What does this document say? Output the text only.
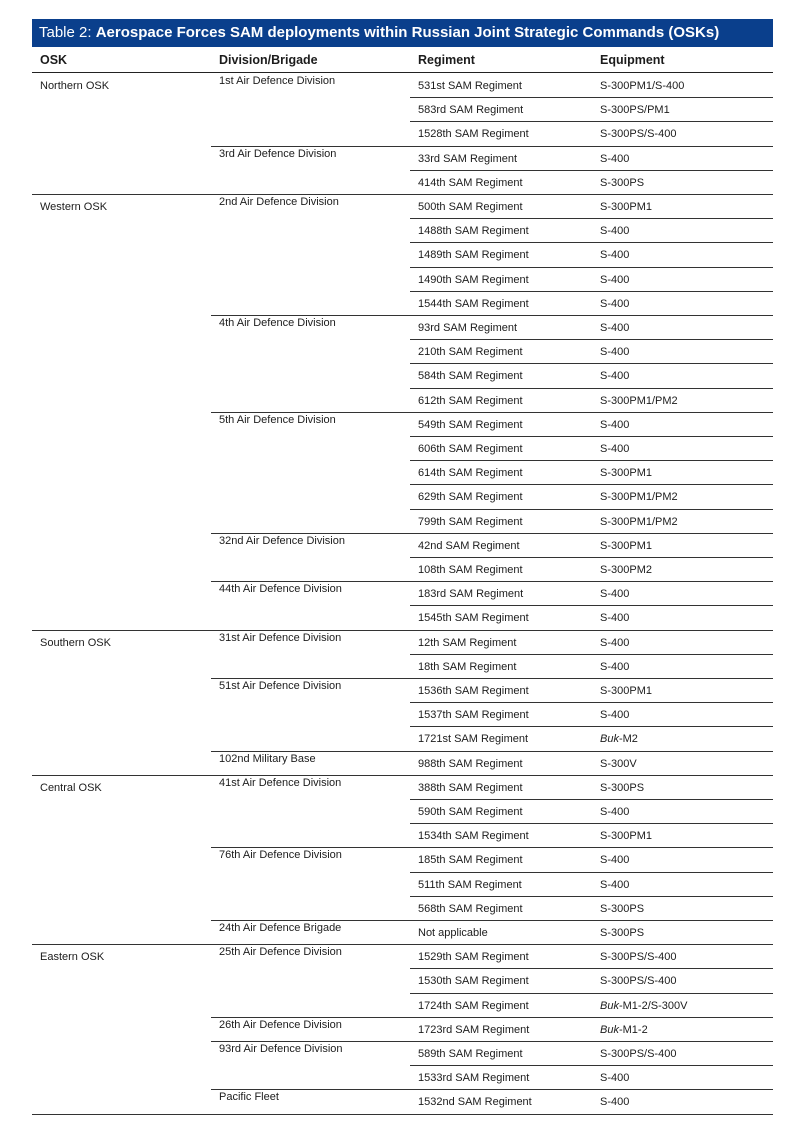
Table 2: Aerospace Forces SAM deployments within Russian Joint Strategic Commands (OSKs)
OSK	Division/Brigade	Regiment	Equipment
Northern OSK	1st Air Defence Division	531st SAM Regiment	S-300PM1/S-400
583rd SAM Regiment	S-300PS/PM1
1528th SAM Regiment	S-300PS/S-400
3rd Air Defence Division	33rd SAM Regiment	S-400
414th SAM Regiment	S-300PS
Western OSK	2nd Air Defence Division	500th SAM Regiment	S-300PM1
1488th SAM Regiment	S-400
1489th SAM Regiment	S-400
1490th SAM Regiment	S-400
1544th SAM Regiment	S-400
4th Air Defence Division	93rd SAM Regiment	S-400
210th SAM Regiment	S-400
584th SAM Regiment	S-400
612th SAM Regiment	S-300PM1/PM2
5th Air Defence Division	549th SAM Regiment	S-400
606th SAM Regiment	S-400
614th SAM Regiment	S-300PM1
629th SAM Regiment	S-300PM1/PM2
799th SAM Regiment	S-300PM1/PM2
32nd Air Defence Division	42nd SAM Regiment	S-300PM1
108th SAM Regiment	S-300PM2
44th Air Defence Division	183rd SAM Regiment	S-400
1545th SAM Regiment	S-400
Southern OSK	31st Air Defence Division	12th SAM Regiment	S-400
18th SAM Regiment	S-400
51st Air Defence Division	1536th SAM Regiment	S-300PM1
1537th SAM Regiment	S-400
1721st SAM Regiment	Buk-M2
102nd Military Base	988th SAM Regiment	S-300V
Central OSK	41st Air Defence Division	388th SAM Regiment	S-300PS
590th SAM Regiment	S-400
1534th SAM Regiment	S-300PM1
76th Air Defence Division	185th SAM Regiment	S-400
511th SAM Regiment	S-400
568th SAM Regiment	S-300PS
24th Air Defence Brigade	Not applicable	S-300PS
Eastern OSK	25th Air Defence Division	1529th SAM Regiment	S-300PS/S-400
1530th SAM Regiment	S-300PS/S-400
1724th SAM Regiment	Buk-M1-2/S-300V
26th Air Defence Division	1723rd SAM Regiment	Buk-M1-2
93rd Air Defence Division	589th SAM Regiment	S-300PS/S-400
1533rd SAM Regiment	S-400
Pacific Fleet	1532nd SAM Regiment	S-400
